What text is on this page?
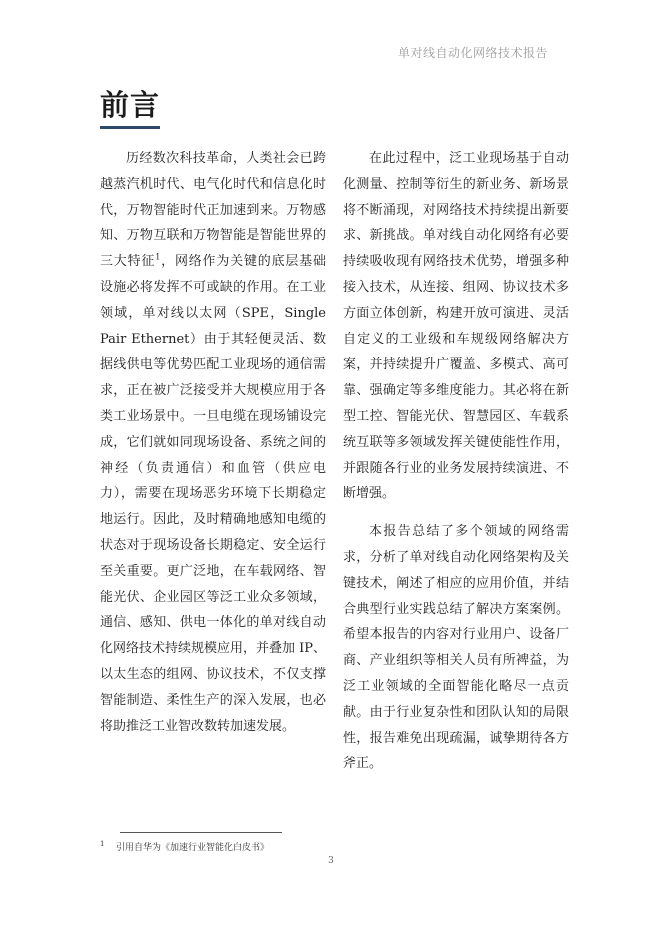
单对线自动化网络技术报告
前言

历经数次科技革命，人类社会已跨越蒸汽机时代、电气化时代和信息化时代，万物智能时代正加速到来。万物感知、万物互联和万物智能是智能世界的三大特征$^1$，网络作为关键的底层基础设施必将发挥不可或缺的作用。在工业领域，单对线以太网（SPE，Single Pair Ethernet）由于其轻便灵活、数据线供电等优势匹配工业现场的通信需求，正在被广泛接受并大规模应用于各类工业场景中。一旦电缆在现场铺设完成，它们就如同现场设备、系统之间的神经（负责通信）和血管（供应电力），需要在现场恶劣环境下长期稳定地运行。因此，及时精确地感知电缆的状态对于现场设备长期稳定、安全运行至关重要。更广泛地，在车载网络、智能光伏、企业园区等泛工业众多领域，通信、感知、供电一体化的单对线自动化网络技术持续规模应用，并叠加 IP、以太生态的组网、协议技术，不仅支撑智能制造、柔性生产的深入发展，也必将助推泛工业智改数转加速发展。

在此过程中，泛工业现场基于自动化测量、控制等衍生的新业务、新场景将不断涌现，对网络技术持续提出新要求、新挑战。单对线自动化网络有必要持续吸收现有网络技术优势，增强多种接入技术，从连接、组网、协议技术多方面立体创新，构建开放可演进、灵活自定义的工业级和车规级网络解决方案，并持续提升广覆盖、多模式、高可靠、强确定等多维度能力。其必将在新型工控、智能光伏、智慧园区、车载系统互联等多领域发挥关键使能性作用，并跟随各行业的业务发展持续演进、不断增强。

本报告总结了多个领域的网络需求，分析了单对线自动化网络架构及关键技术，阐述了相应的应用价值，并结合典型行业实践总结了解决方案案例。希望本报告的内容对行业用户、设备厂商、产业组织等相关人员有所裨益，为泛工业领域的全面智能化略尽一点贡献。由于行业复杂性和团队认知的局限性，报告难免出现疏漏，诚挚期待各方斧正。

1 引用自华为《加速行业智能化白皮书》
3
